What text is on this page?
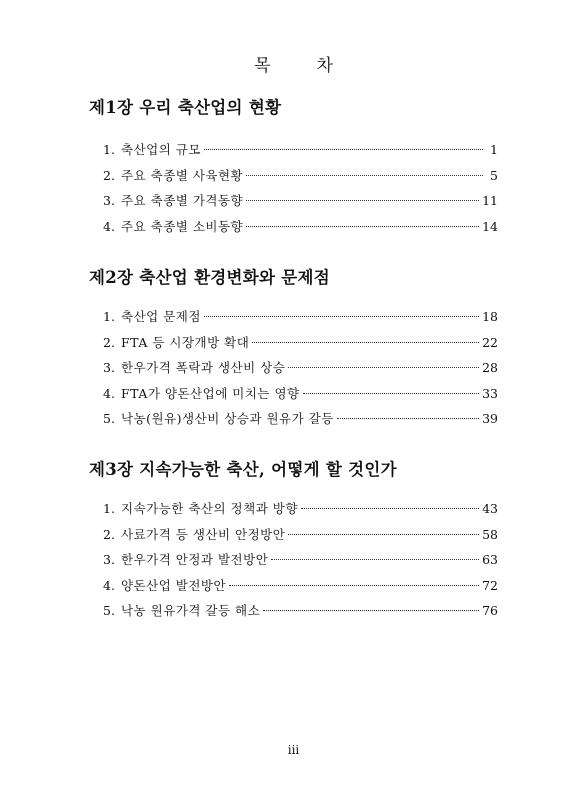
목	차
제1장 우리 축산업의 현황
1. 축산업의 규모	1
2. 주요 축종별 사육현황	5
3. 주요 축종별 가격동향	11
4. 주요 축종별 소비동향	14
제2장 축산업 환경변화와 문제점
1. 축산업 문제점	18
2. FTA 등 시장개방 확대	22
3. 한우가격 폭락과 생산비 상승	28
4. FTA가 양돈산업에 미치는 영향	33
5. 낙농(원유)생산비 상승과 원유가 갈등	39
제3장 지속가능한 축산, 어떻게 할 것인가
1. 지속가능한 축산의 정책과 방향	43
2. 사료가격 등 생산비 안정방안	58
3. 한우가격 안정과 발전방안	63
4. 양돈산업 발전방안	72
5. 낙농 원유가격 갈등 해소	76
iii
